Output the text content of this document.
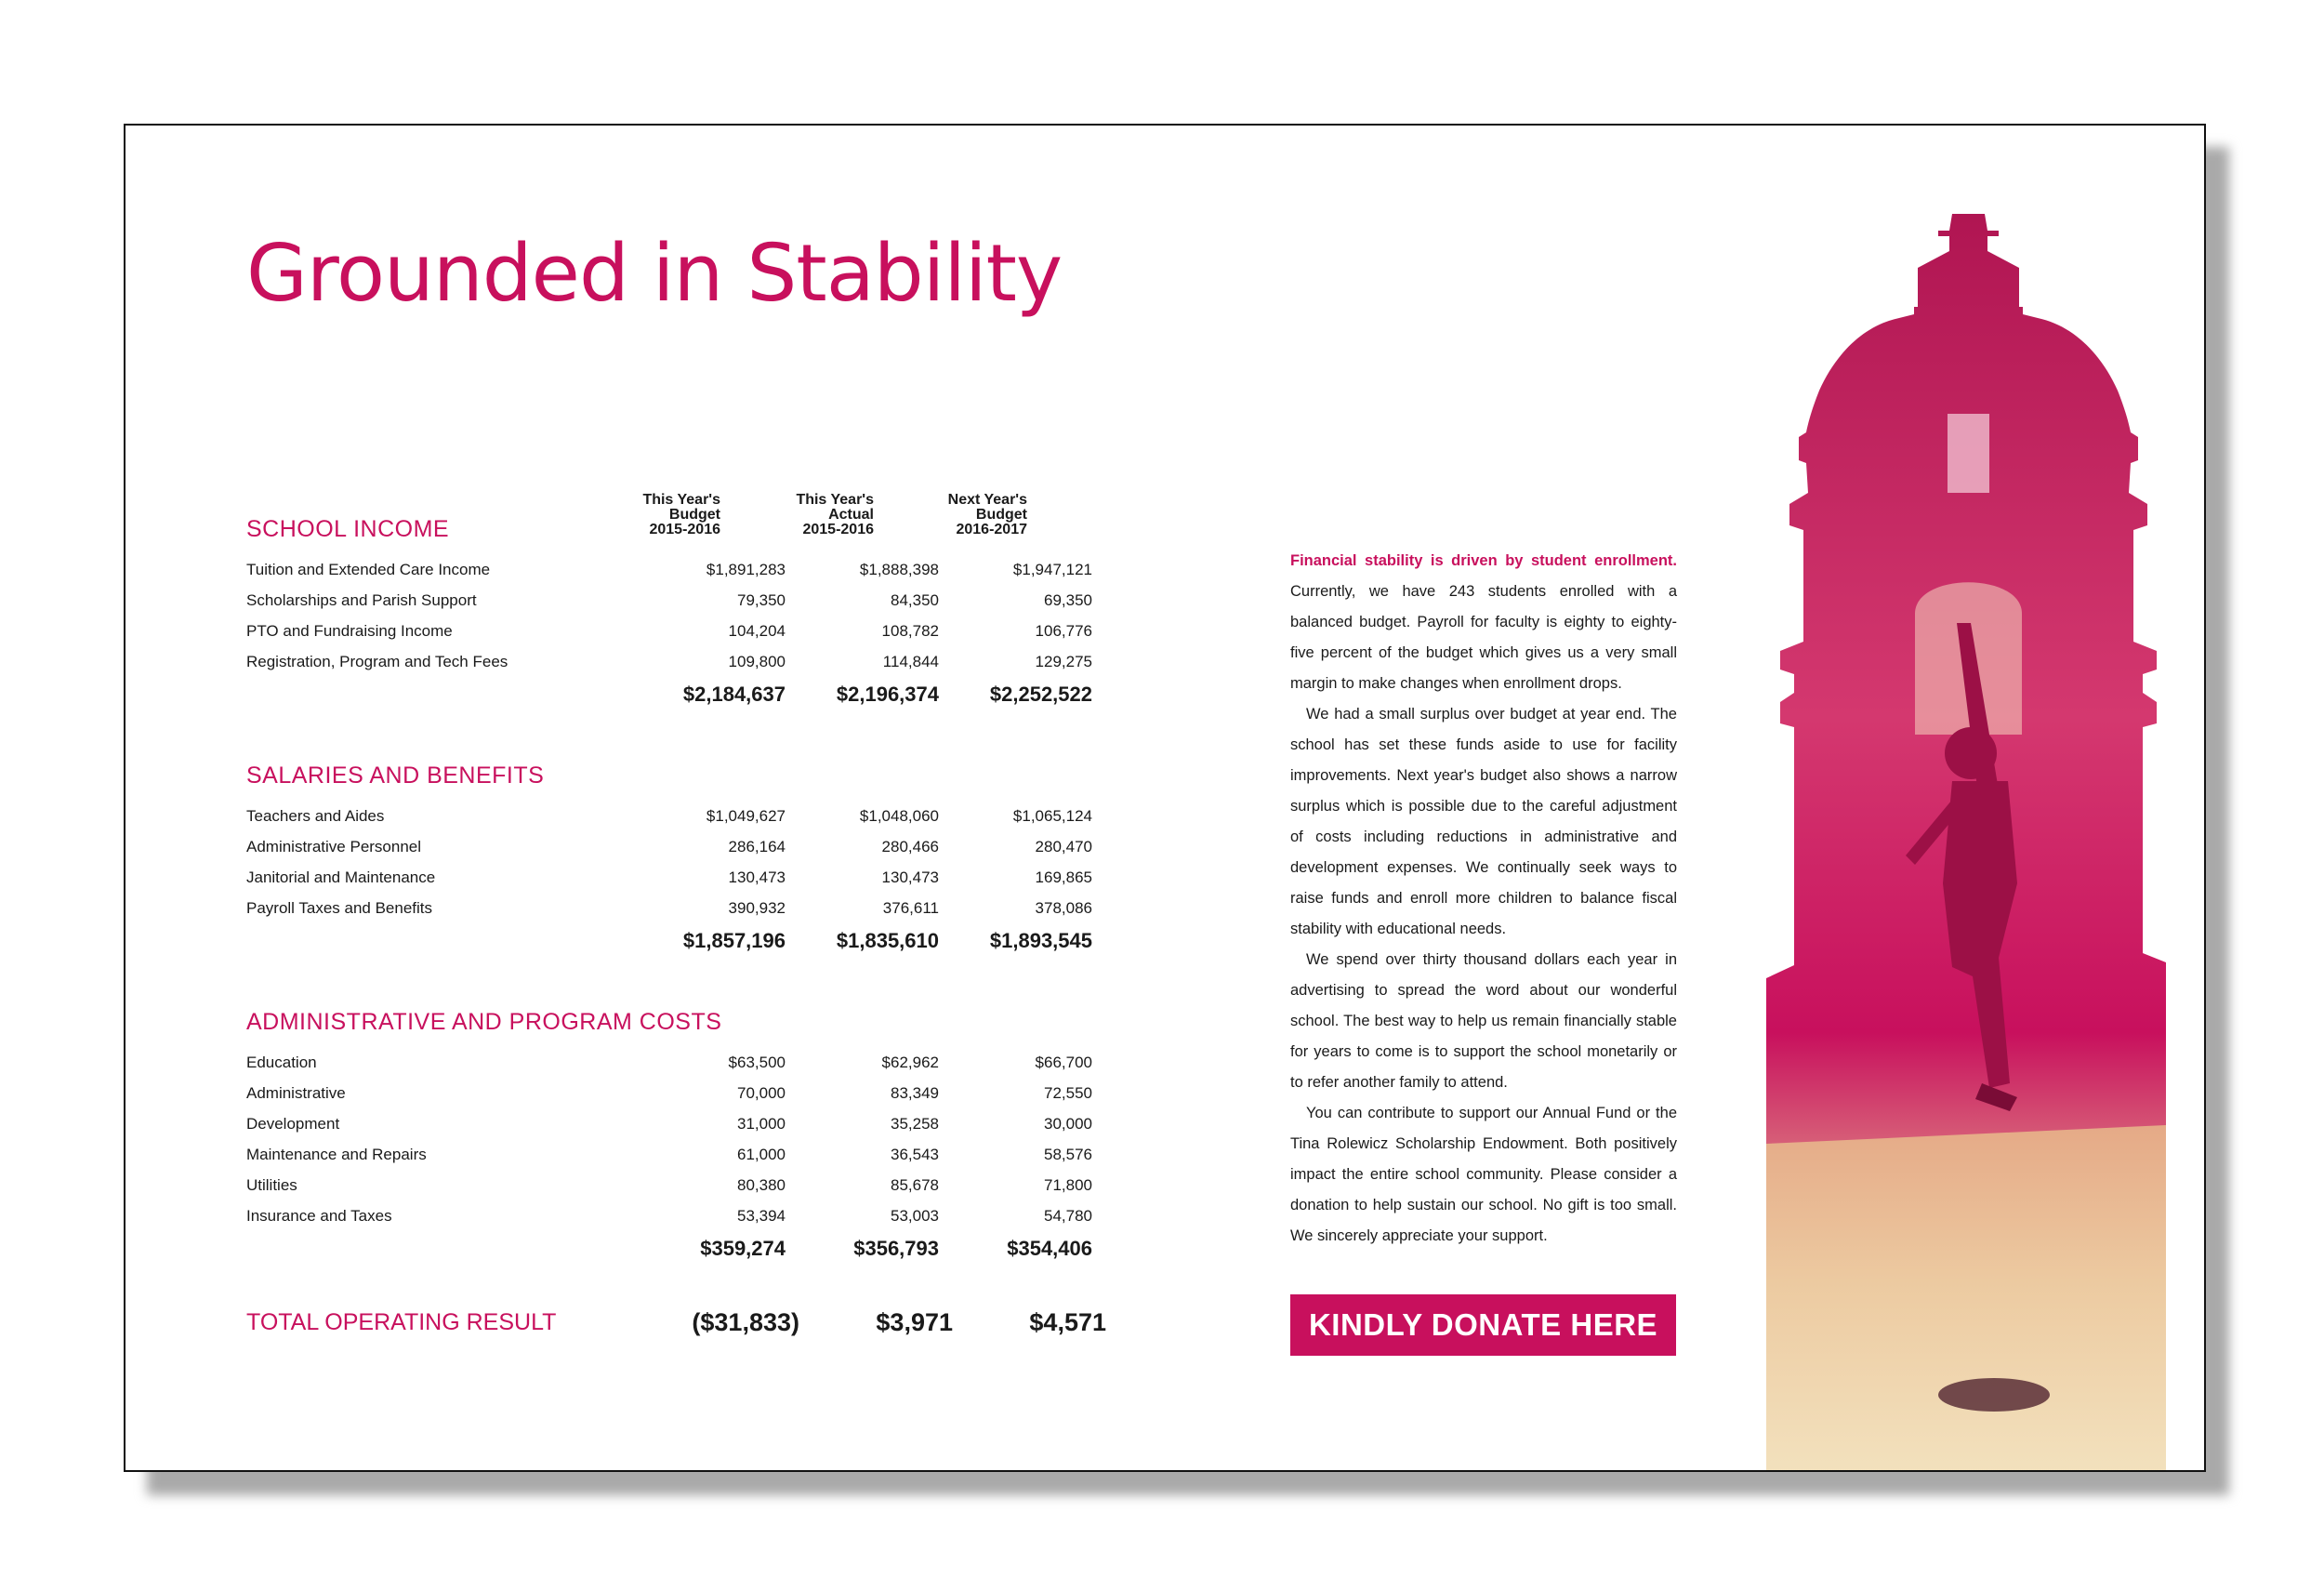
Grounded in Stability
This Year's
Budget
2015-2016
This Year's
Actual
2015-2016
Next Year's
Budget
2016-2017
SCHOOL INCOME
Tuition and Extended Care Income	$1,891,283	$1,888,398	$1,947,121
Scholarships and Parish Support	79,350	84,350	69,350
PTO and Fundraising Income	104,204	108,782	106,776
Registration, Program and Tech Fees	109,800	114,844	129,275
$2,184,637	$2,196,374	$2,252,522
SALARIES AND BENEFITS
Teachers and Aides	$1,049,627	$1,048,060	$1,065,124
Administrative Personnel	286,164	280,466	280,470
Janitorial and Maintenance	130,473	130,473	169,865
Payroll Taxes and Benefits	390,932	376,611	378,086
$1,857,196	$1,835,610	$1,893,545
ADMINISTRATIVE AND PROGRAM COSTS
Education	$63,500	$62,962	$66,700
Administrative	70,000	83,349	72,550
Development	31,000	35,258	30,000
Maintenance and Repairs	61,000	36,543	58,576
Utilities	80,380	85,678	71,800
Insurance and Taxes	53,394	53,003	54,780
$359,274	$356,793	$354,406
TOTAL OPERATING RESULT	($31,833)	$3,971	$4,571

Financial stability is driven by student enrollment. Currently, we have 243 students enrolled with a balanced budget. Payroll for faculty is eighty to eighty-five percent of the budget which gives us a very small margin to make changes when enrollment drops.

We had a small surplus over budget at year end. The school has set these funds aside to use for facility improvements. Next year's budget also shows a narrow surplus which is possible due to the careful adjustment of costs including reductions in administrative and development expenses. We continually seek ways to raise funds and enroll more children to balance fiscal stability with educational needs.

We spend over thirty thousand dollars each year in advertising to spread the word about our wonderful school. The best way to help us remain financially stable for years to come is to support the school monetarily or to refer another family to attend.

You can contribute to support our Annual Fund or the Tina Rolewicz Scholarship Endowment. Both positively impact the entire school community. Please consider a donation to help sustain our school. No gift is too small. We sincerely appreciate your support.

KINDLY DONATE HERE
